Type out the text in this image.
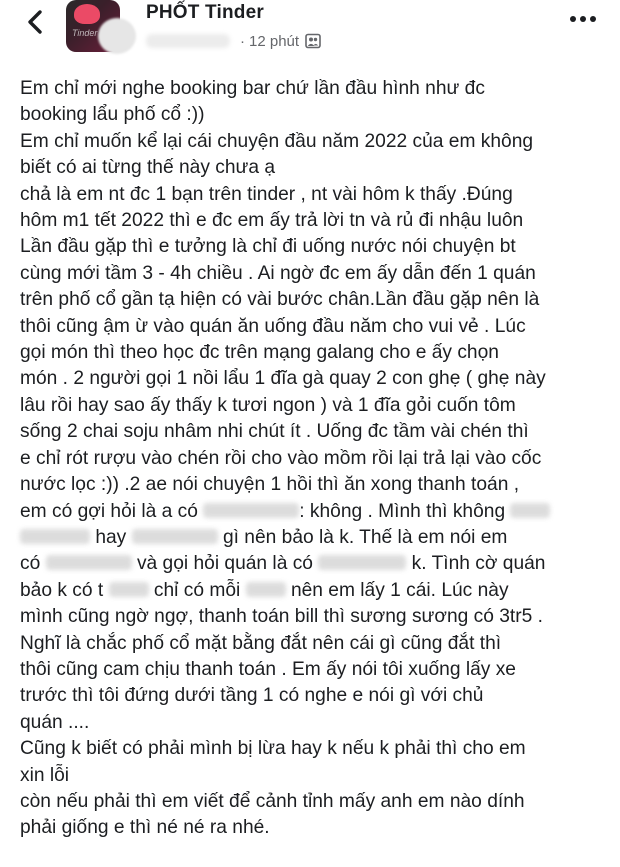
Tinder
PHỐT Tinder
· 12 phút

Em chỉ mới nghe booking bar chứ lần đầu hình như đc

booking lẩu phố cổ :))

Em chỉ muốn kể lại cái chuyện đầu năm 2022 của em không

biết có ai từng thế này chưa ạ

chả là em nt đc 1 bạn trên tinder , nt vài hôm k thấy .Đúng

hôm m1 tết 2022 thì e đc em ấy trả lời tn và rủ đi nhậu luôn

Lần đầu gặp thì e tưởng là chỉ đi uống nước nói chuyện bt

cùng mới tầm 3 - 4h chiều . Ai ngờ đc em ấy dẫn đến 1 quán

trên phố cổ gần tạ hiện có vài bước chân.Lần đầu gặp nên là

thôi cũng ậm ừ vào quán ăn uống đầu năm cho vui vẻ . Lúc

gọi món thì theo học đc trên mạng galang cho e ấy chọn

món . 2 người gọi 1 nồi lẩu 1 đĩa gà quay 2 con ghẹ ( ghẹ này

lâu rồi hay sao ấy thấy k tươi ngon ) và 1 đĩa gỏi cuốn tôm

sống 2 chai soju nhâm nhi chút ít . Uống đc tầm vài chén thì

e chỉ rót rượu vào chén rồi cho vào mồm rồi lại trả lại vào cốc

nước lọc :)) .2 ae nói chuyện 1 hồi thì ăn xong thanh toán ,

em có gợi hỏi là a có	: không . Mình thì không

hay	gì nên bảo là k. Thế là em nói em

có	và gọi hỏi quán là có	k. Tình cờ quán

bảo k có t	chỉ có mỗi	nên em lấy 1 cái. Lúc này

mình cũng ngờ ngợ, thanh toán bill thì sương sương có 3tr5 .

Nghĩ là chắc phố cổ mặt bằng đắt nên cái gì cũng đắt thì

thôi cũng cam chịu thanh toán . Em ấy nói tôi xuống lấy xe

trước thì tôi đứng dưới tầng 1 có nghe e nói gì với chủ

quán ....

Cũng k biết có phải mình bị lừa hay k nếu k phải thì cho em

xin lỗi

còn nếu phải thì em viết để cảnh tỉnh mấy anh em nào dính

phải giống e thì né né ra nhé.
